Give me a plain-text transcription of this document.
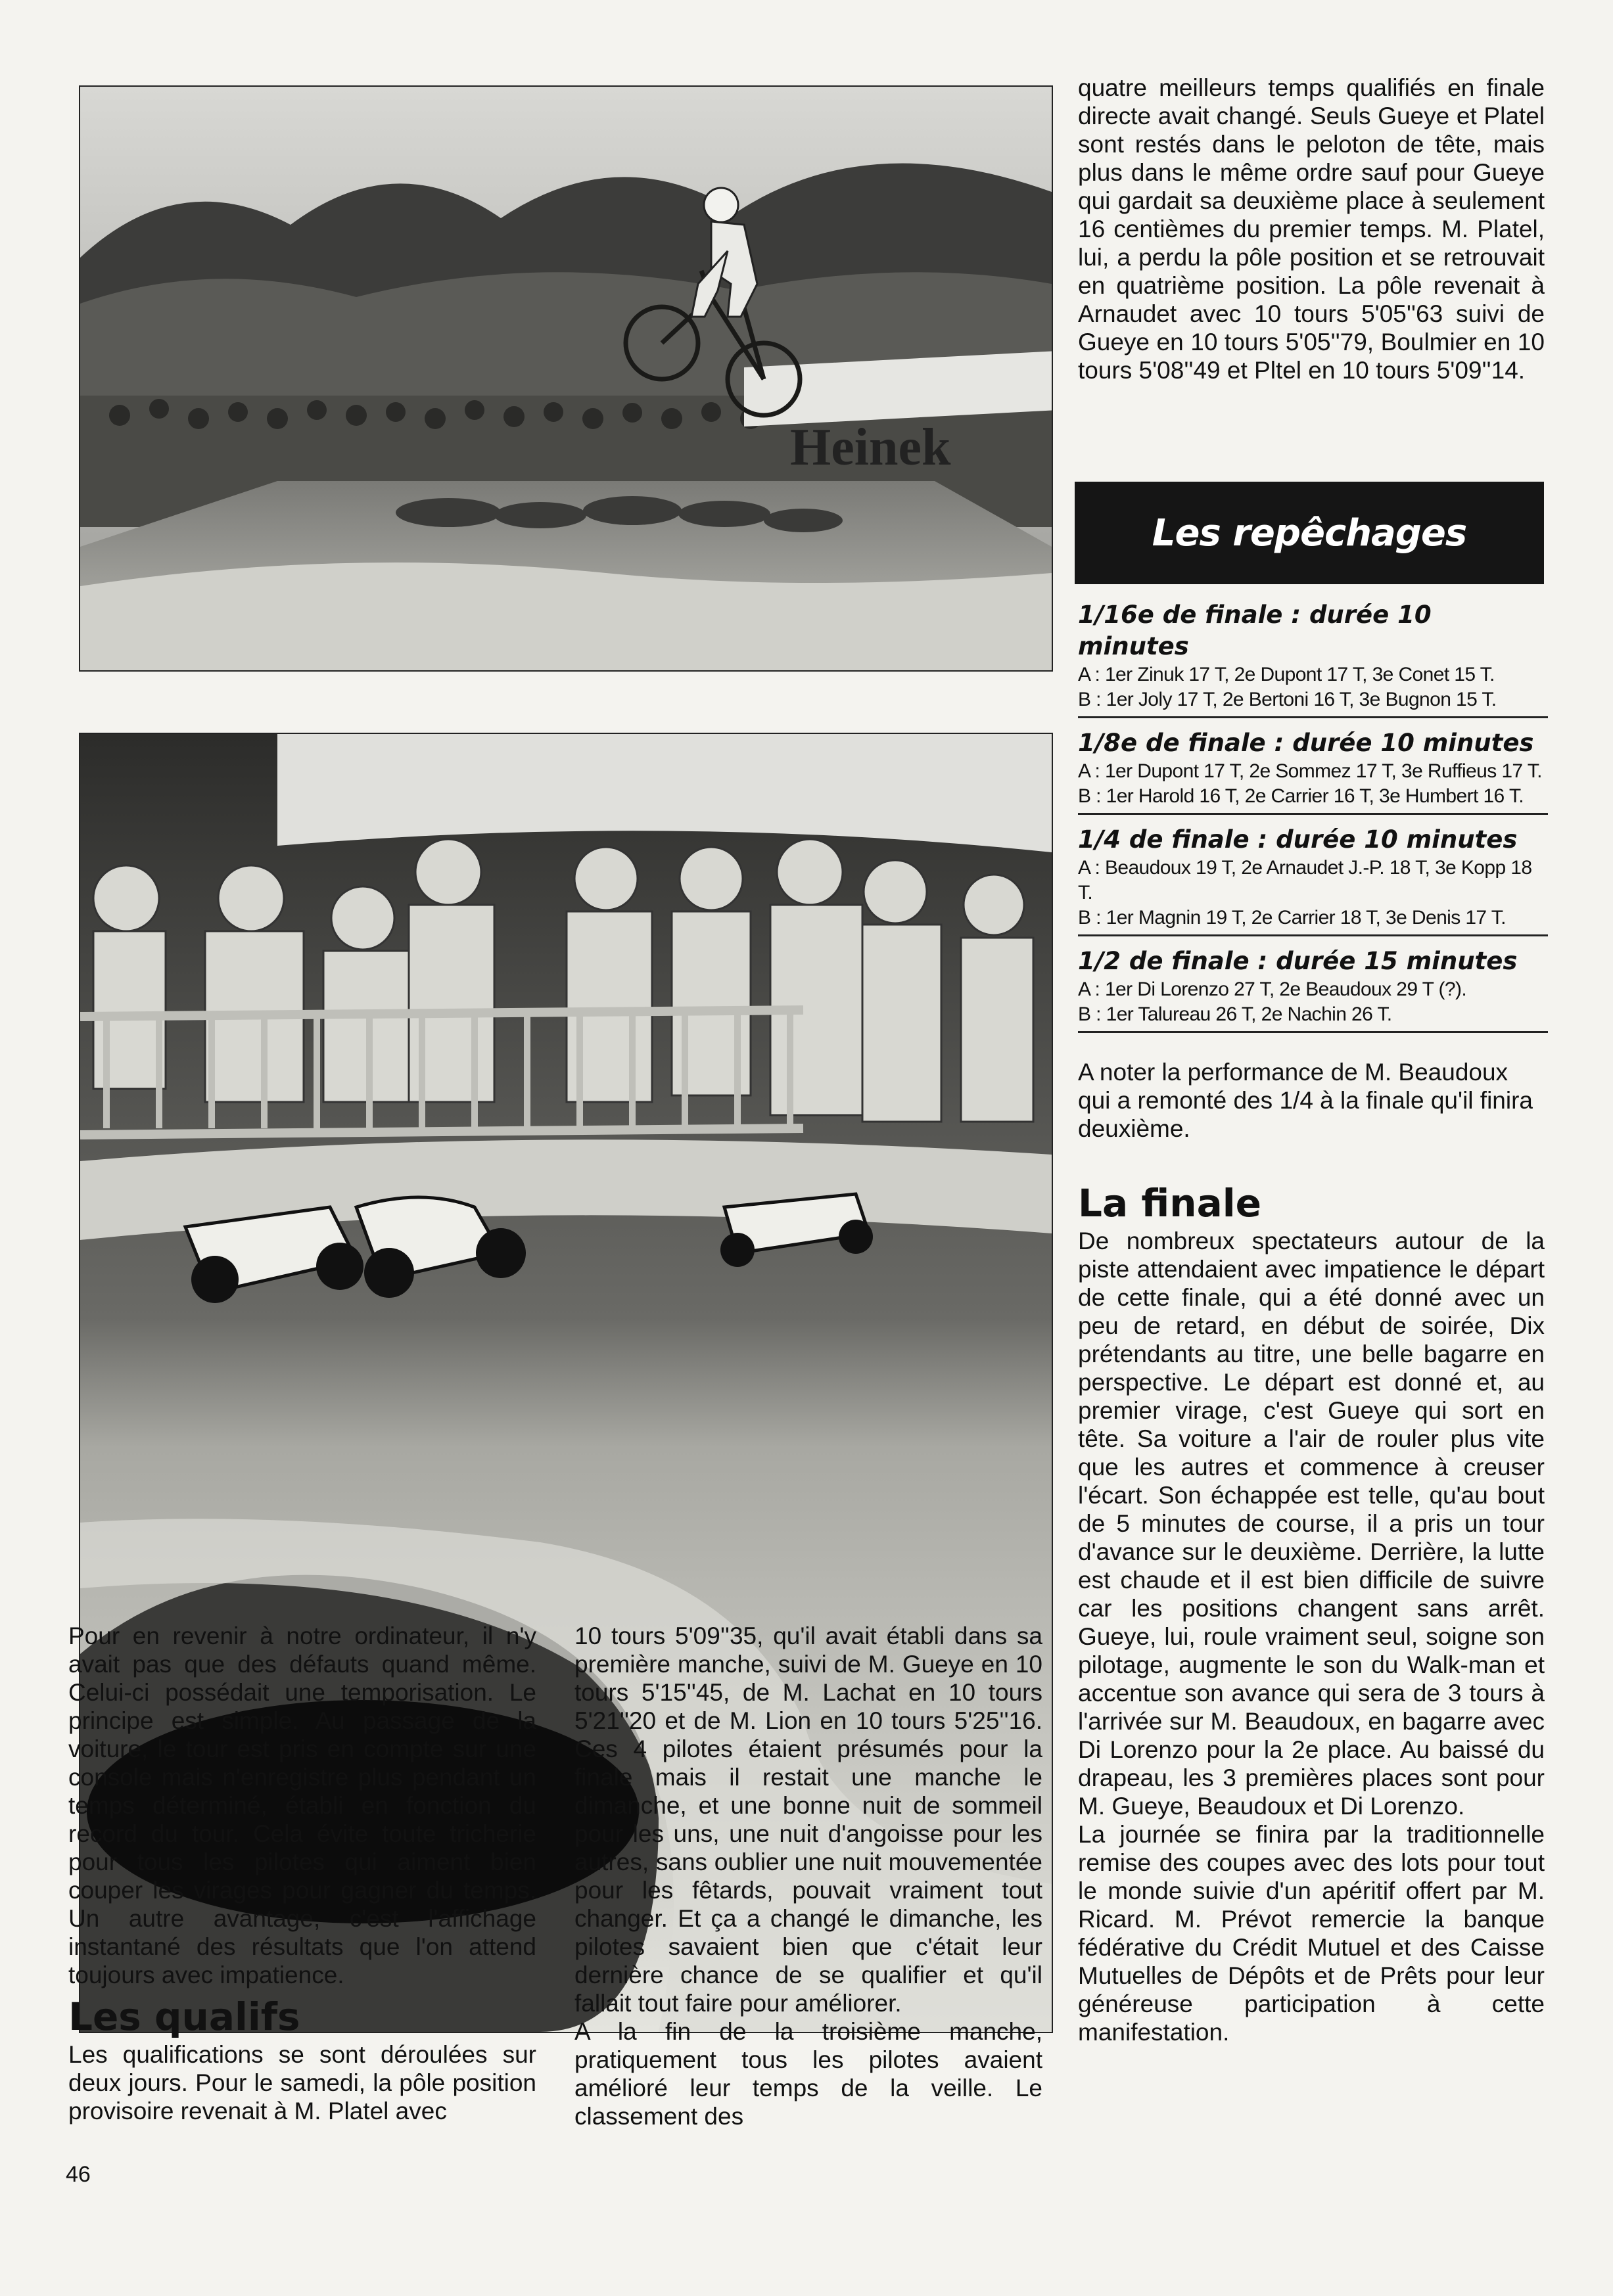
Heinek

quatre meilleurs temps qualifiés en finale directe avait changé. Seuls Gueye et Platel sont restés dans le peloton de tête, mais plus dans le même ordre sauf pour Gueye qui gardait sa deuxième place à seulement 16 centièmes du premier temps. M. Platel, lui, a perdu la pôle position et se retrouvait en quatrième position. La pôle revenait à Arnaudet avec 10 tours 5'05''63 suivi de Gueye en 10 tours 5'05''79, Boulmier en 10 tours 5'08''49 et Pltel en 10 tours 5'09''14.

Les repêchages
1/16e de finale : durée 10 minutes
A : 1er Zinuk 17 T, 2e Dupont 17 T, 3e Conet 15 T.
B : 1er Joly 17 T, 2e Bertoni 16 T, 3e Bugnon 15 T.
1/8e de finale : durée 10 minutes
A : 1er Dupont 17 T, 2e Sommez 17 T, 3e Ruffieus 17 T.
B : 1er Harold 16 T, 2e Carrier 16 T, 3e Humbert 16 T.
1/4 de finale : durée 10 minutes
A : Beaudoux 19 T, 2e Arnaudet J.-P. 18 T, 3e Kopp 18 T.
B : 1er Magnin 19 T, 2e Carrier 18 T, 3e Denis 17 T.
1/2 de finale : durée 15 minutes
A : 1er Di Lorenzo 27 T, 2e Beaudoux 29 T (?).
B : 1er Talureau 26 T, 2e Nachin 26 T.

A noter la performance de M. Beaudoux qui a remonté des 1/4 à la finale qu'il finira deuxième.

La finale

De nombreux spectateurs autour de la piste attendaient avec impatience le départ de cette finale, qui a été donné avec un peu de retard, en début de soirée, Dix prétendants au titre, une belle bagarre en perspective. Le départ est donné et, au premier virage, c'est Gueye qui sort en tête. Sa voiture a l'air de rouler plus vite que les autres et commence à creuser l'écart. Son échappée est telle, qu'au bout de 5 minutes de course, il a pris un tour d'avance sur le deuxième. Derrière, la lutte est chaude et il est bien difficile de suivre car les positions changent sans arrêt. Gueye, lui, roule vraiment seul, soigne son pilotage, augmente le son du Walk-man et accentue son avance qui sera de 3 tours à l'arrivée sur M. Beaudoux, en bagarre avec Di Lorenzo pour la 2e place. Au baissé du drapeau, les 3 premières places sont pour M. Gueye, Beaudoux et Di Lorenzo.

La journée se finira par la traditionnelle remise des coupes avec des lots pour tout le monde suivie d'un apéritif offert par M. Ricard. M. Prévot remercie la banque fédérative du Crédit Mutuel et des Caisse Mutuelles de Dépôts et de Prêts pour leur généreuse participation à cette manifestation.

Pour en revenir à notre ordinateur, il n'y avait pas que des défauts quand même. Celui-ci possédait une temporisation. Le principe est simple. Au passage de la voiture, le tour est pris en compte sur une console mais n'enregistre plus pendant un temps déterminé, établi en fonction du record du tour. Cela évite toute tricherie pour tous les pilotes qui aiment bien couper les virages pour gagner du temps. Un autre avantage, c'est l'affichage instantané des résultats que l'on attend toujours avec impatience.

Les qualifs

Les qualifications se sont déroulées sur deux jours. Pour le samedi, la pôle position provisoire revenait à M. Platel avec

10 tours 5'09''35, qu'il avait établi dans sa première manche, suivi de M. Gueye en 10 tours 5'15''45, de M. Lachat en 10 tours 5'21''20 et de M. Lion en 10 tours 5'25''16. Ces 4 pilotes étaient présumés pour la finale mais il restait une manche le dimanche, et une bonne nuit de sommeil pour les uns, une nuit d'angoisse pour les autres, sans oublier une nuit mouvementée pour les fêtards, pouvait vraiment tout changer. Et ça a changé le dimanche, les pilotes savaient bien que c'était leur dernière chance de se qualifier et qu'il fallait tout faire pour améliorer.

A la fin de la troisième manche, pratiquement tous les pilotes avaient amélioré leur temps de la veille. Le classement des

46
